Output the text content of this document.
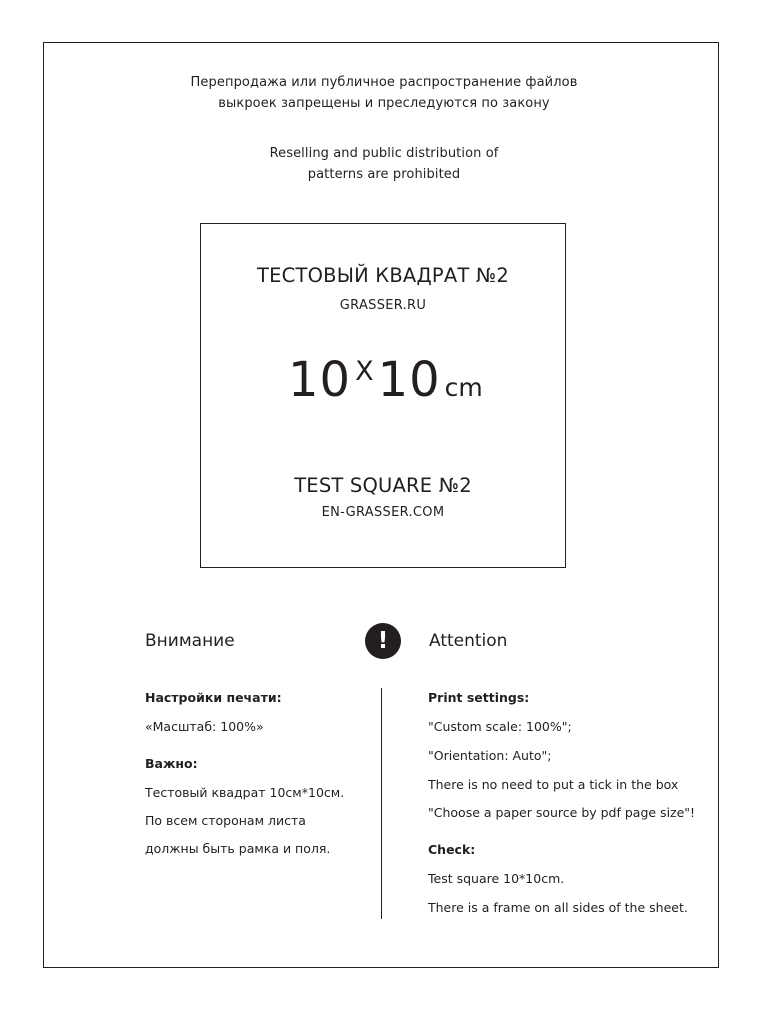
Перепродажа или публичное распространение файлов
выкроек запрещены и преследуются по закону
Reselling and public distribution of
patterns are prohibited
ТЕСТОВЫЙ КВАДРАТ №2
GRASSER.RU
10 X10 cm
TEST SQUARE №2
EN-GRASSER.COM
Внимание	!	Attention
Настройки печати:
«Масштаб: 100%»
Важно:
Тестовый квадрат 10см*10см.
По всем сторонам листа
должны быть рамка и поля.
Print settings:
"Custom scale: 100%";
"Orientation: Auto";
There is no need to put a tick in the box
"Choose a paper source by pdf page size"!
Check:
Test square 10*10cm.
There is a frame on all sides of the sheet.
